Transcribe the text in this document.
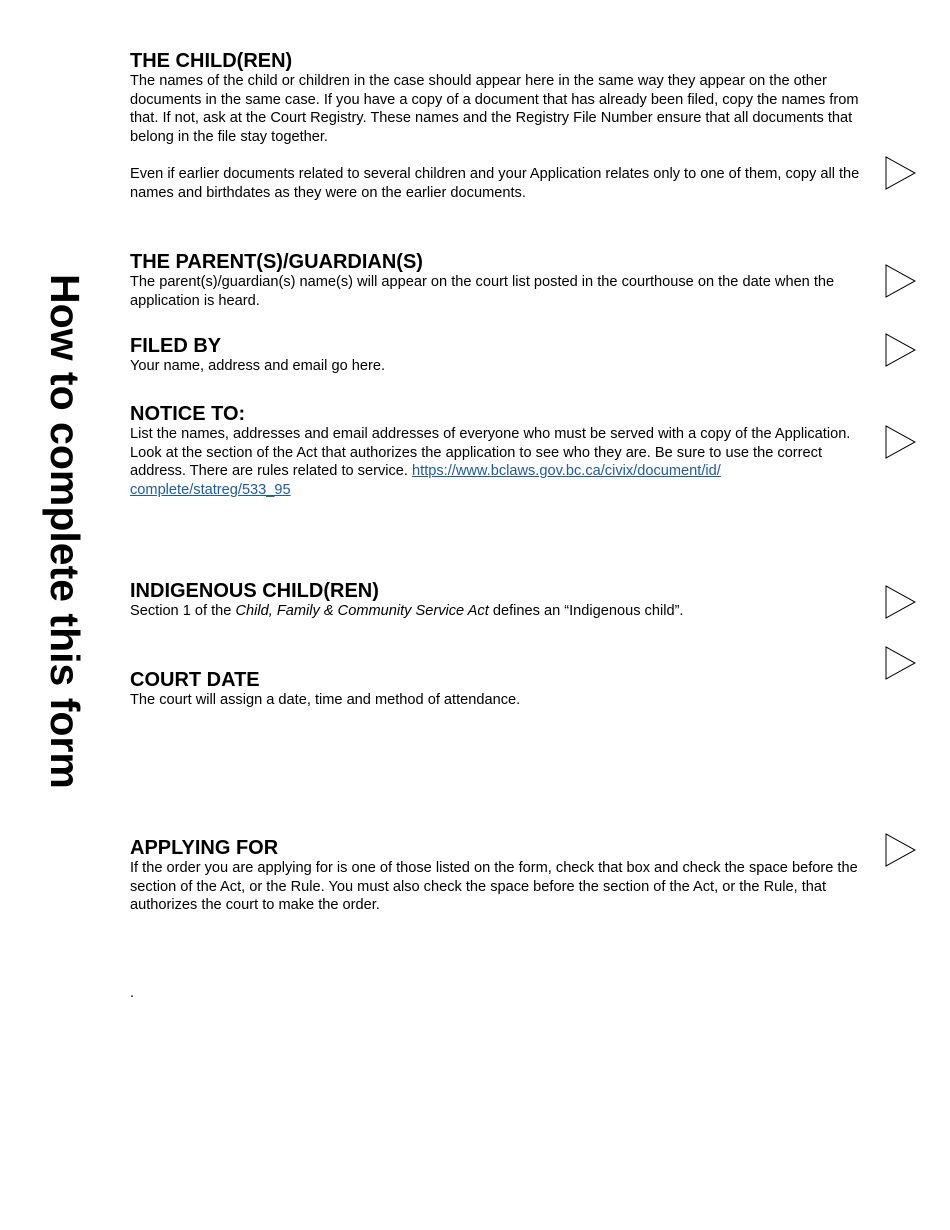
How to complete this form
THE CHILD(REN)

The names of the child or children in the case should appear here in the same way they appear on the other documents in the same case. If you have a copy of a document that has already been filed, copy the names from that. If not, ask at the Court Registry. These names and the Registry File Number ensure that all documents that belong in the file stay together.

Even if earlier documents related to several children and your Application relates only to one of them, copy all the names and birthdates as they were on the earlier documents.

THE PARENT(S)/GUARDIAN(S)

The parent(s)/guardian(s) name(s) will appear on the court list posted in the courthouse on the date when the application is heard.

FILED BY

Your name, address and email go here.

NOTICE TO:

List the names, addresses and email addresses of everyone who must be served with a copy of the Application. Look at the section of the Act that authorizes the application to see who they are. Be sure to use the correct address. There are rules related to service. https://www.bclaws.gov.bc.ca/civix/document/id/
complete/statreg/533_95

INDIGENOUS CHILD(REN)

Section 1 of the Child, Family & Community Service Act defines an “Indigenous child”.

COURT DATE

The court will assign a date, time and method of attendance.

APPLYING FOR

If the order you are applying for is one of those listed on the form, check that box and check the space before the section of the Act, or the Rule. You must also check the space before the section of the Act, or the Rule, that authorizes the court to make the order.

.
